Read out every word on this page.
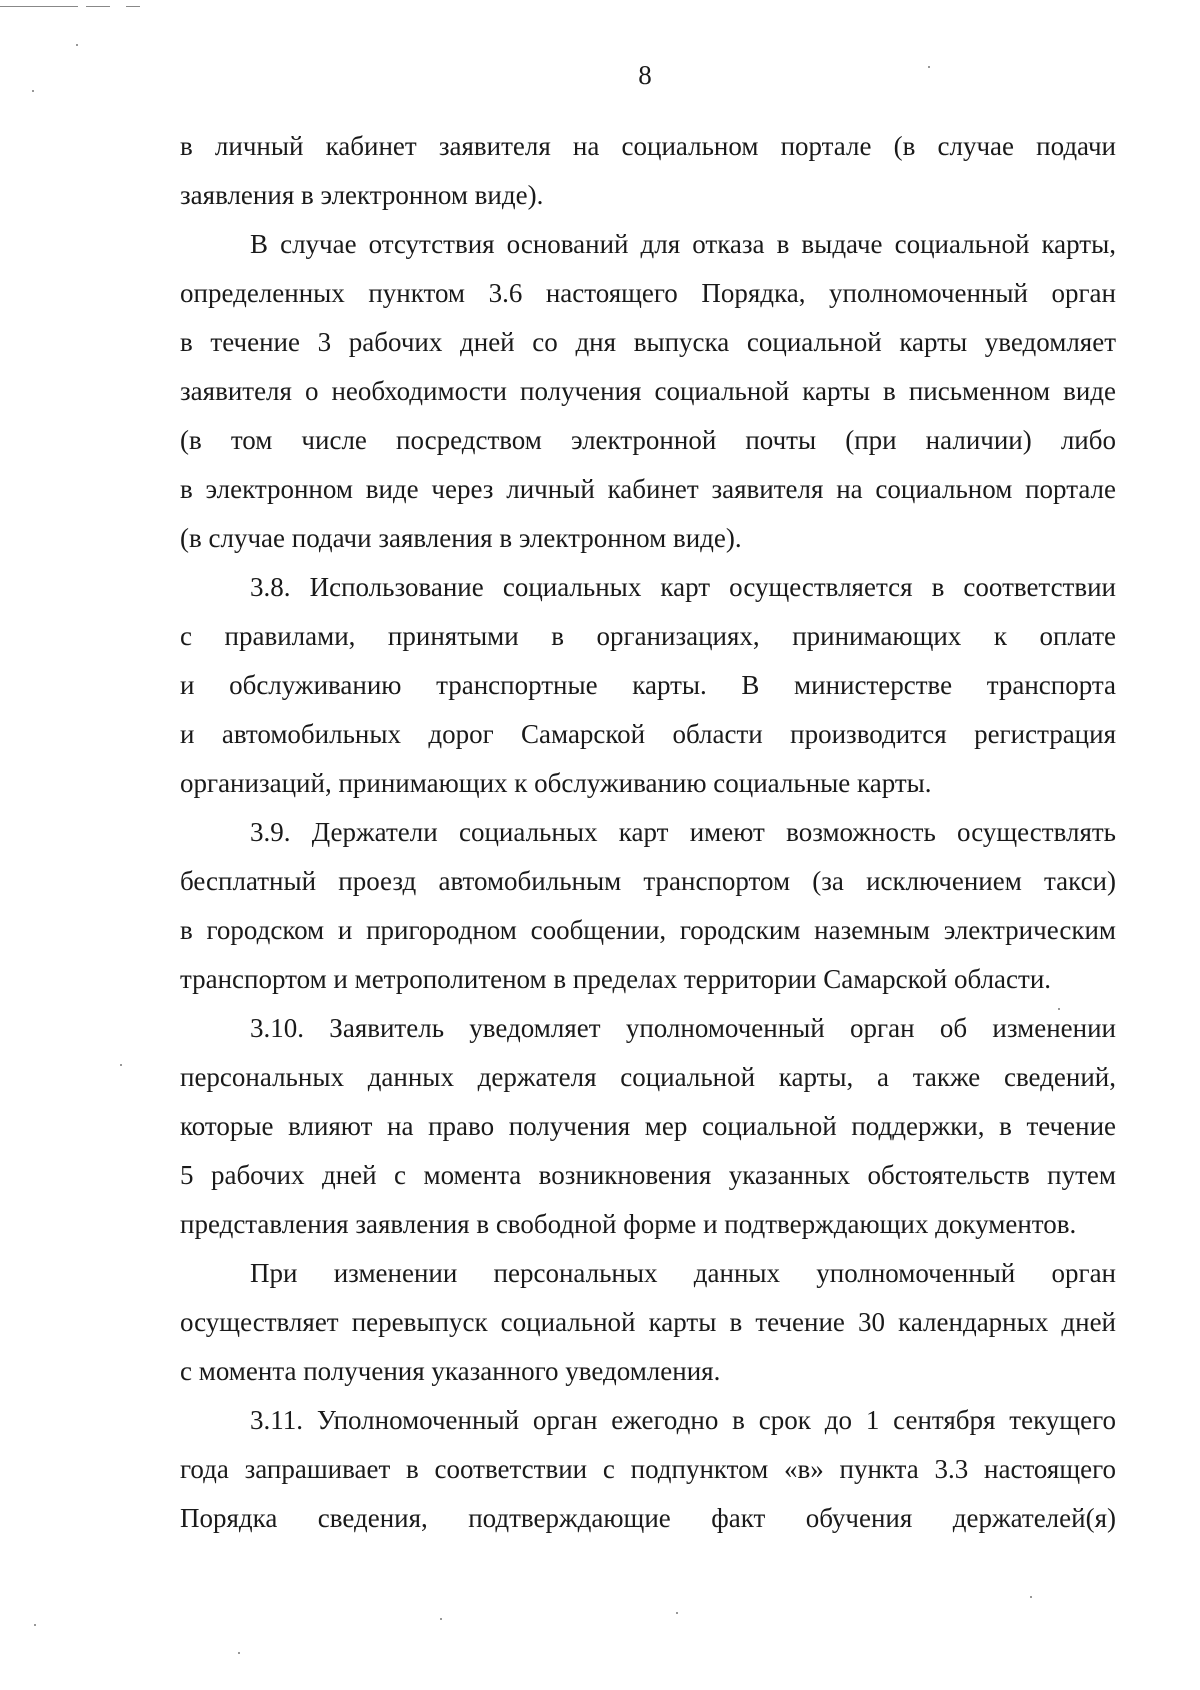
8
в личный кабинет заявителя на социальном портале (в случае подачи
заявления в электронном виде).
В случае отсутствия оснований для отказа в выдаче социальной карты,
определенных пунктом 3.6 настоящего Порядка, уполномоченный орган
в течение 3 рабочих дней со дня выпуска социальной карты уведомляет
заявителя о необходимости получения социальной карты в письменном виде
(в том числе посредством электронной почты (при наличии) либо
в электронном виде через личный кабинет заявителя на социальном портале
(в случае подачи заявления в электронном виде).
3.8. Использование социальных карт осуществляется в соответствии
с правилами, принятыми в организациях, принимающих к оплате
и обслуживанию транспортные карты. В министерстве транспорта
и автомобильных дорог Самарской области производится регистрация
организаций, принимающих к обслуживанию социальные карты.
3.9. Держатели социальных карт имеют возможность осуществлять
бесплатный проезд автомобильным транспортом (за исключением такси)
в городском и пригородном сообщении, городским наземным электрическим
транспортом и метрополитеном в пределах территории Самарской области.
3.10. Заявитель уведомляет уполномоченный орган об изменении
персональных данных держателя социальной карты, а также сведений,
которые влияют на право получения мер социальной поддержки, в течение
5 рабочих дней с момента возникновения указанных обстоятельств путем
представления заявления в свободной форме и подтверждающих документов.
При изменении персональных данных уполномоченный орган
осуществляет перевыпуск социальной карты в течение 30 календарных дней
с момента получения указанного уведомления.
3.11. Уполномоченный орган ежегодно в срок до 1 сентября текущего
года запрашивает в соответствии с подпунктом «в» пункта 3.3 настоящего
Порядка сведения, подтверждающие факт обучения держателей(я)
